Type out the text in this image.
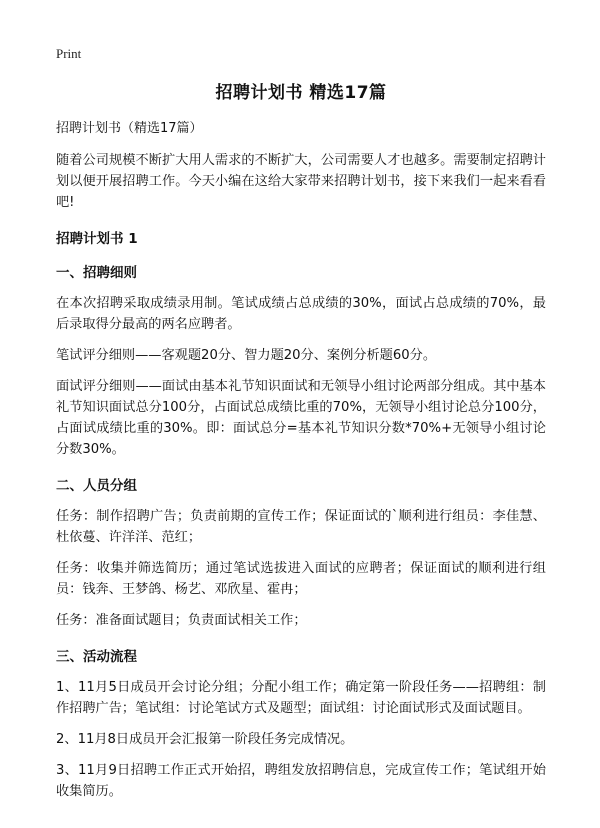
Print
招聘计划书 精选17篇
招聘计划书（精选17篇）

随着公司规模不断扩大用人需求的不断扩大，公司需要人才也越多。需要制定招聘计划以便开展招聘工作。今天小编在这给大家带来招聘计划书，接下来我们一起来看看吧!

招聘计划书 1
一、招聘细则

在本次招聘采取成绩录用制。笔试成绩占总成绩的30%，面试占总成绩的70%，最后录取得分最高的两名应聘者。

笔试评分细则——客观题20分、智力题20分、案例分析题60分。

面试评分细则——面试由基本礼节知识面试和无领导小组讨论两部分组成。其中基本礼节知识面试总分100分，占面试总成绩比重的70%，无领导小组讨论总分100分，占面试成绩比重的30%。即：面试总分=基本礼节知识分数*70%+无领导小组讨论分数30%。

二、人员分组

任务：制作招聘广告；负责前期的宣传工作；保证面试的`顺利进行组员：李佳慧、杜依蔓、许洋洋、范红；

任务：收集并筛选简历；通过笔试选拔进入面试的应聘者；保证面试的顺利进行组员：钱奔、王梦鸽、杨艺、邓欣星、霍冉；

任务：准备面试题目；负责面试相关工作；

三、活动流程

1、11月5日成员开会讨论分组；分配小组工作；确定第一阶段任务——招聘组：制作招聘广告；笔试组：讨论笔试方式及题型；面试组：讨论面试形式及面试题目。

2、11月8日成员开会汇报第一阶段任务完成情况。

3、11月9日招聘工作正式开始招，聘组发放招聘信息，完成宣传工作；笔试组开始收集简历。
